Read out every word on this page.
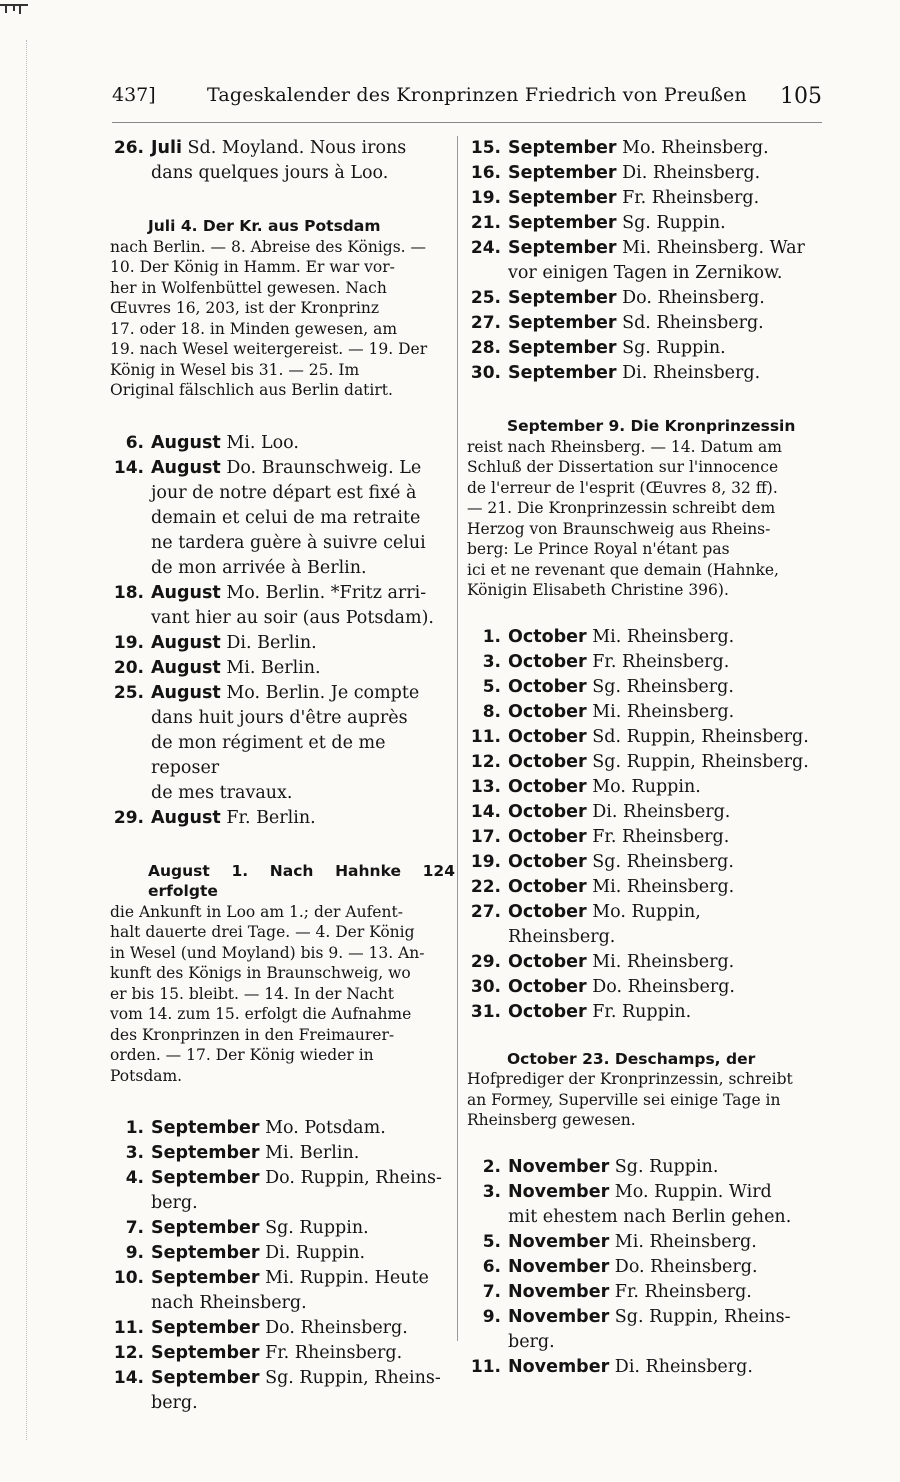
437]	Tageskalender des Kronprinzen Friedrich von Preußen 105
26. Juli Sd. Moyland. Nous irons
dans quelques jours à Loo.
Juli 4. Der Kr. aus Potsdam
nach Berlin. — 8. Abreise des Königs. —
10. Der König in Hamm. Er war vor-
her in Wolfenbüttel gewesen. Nach
Œuvres 16, 203, ist der Kronprinz
17. oder 18. in Minden gewesen, am
19. nach Wesel weitergereist. — 19. Der
König in Wesel bis 31. — 25. Im
Original fälschlich aus Berlin datirt.
6. August Mi. Loo.
14. August Do. Braunschweig. Le
jour de notre départ est fixé à
demain et celui de ma retraite
ne tardera guère à suivre celui
de mon arrivée à Berlin.
18. August Mo. Berlin. *Fritz arri-
vant hier au soir (aus Potsdam).
19. August Di. Berlin.
20. August Mi. Berlin.
25. August Mo. Berlin. Je compte
dans huit jours d'être auprès
de mon régiment et de me reposer
de mes travaux.
29. August Fr. Berlin.
August 1. Nach Hahnke 124 erfolgte
die Ankunft in Loo am 1.; der Aufent-
halt dauerte drei Tage. — 4. Der König
in Wesel (und Moyland) bis 9. — 13. An-
kunft des Königs in Braunschweig, wo
er bis 15. bleibt. — 14. In der Nacht
vom 14. zum 15. erfolgt die Aufnahme
des Kronprinzen in den Freimaurer-
orden. — 17. Der König wieder in
Potsdam.
1. September Mo. Potsdam.
3. September Mi. Berlin.
4. September Do. Ruppin, Rheins-
berg.
7. September Sg. Ruppin.
9. September Di. Ruppin.
10. September Mi. Ruppin. Heute
nach Rheinsberg.
11. September Do. Rheinsberg.
12. September Fr. Rheinsberg.
14. September Sg. Ruppin, Rheins-
berg.
15. September Mo. Rheinsberg.
16. September Di. Rheinsberg.
19. September Fr. Rheinsberg.
21. September Sg. Ruppin.
24. September Mi. Rheinsberg. War
vor einigen Tagen in Zernikow.
25. September Do. Rheinsberg.
27. September Sd. Rheinsberg.
28. September Sg. Ruppin.
30. September Di. Rheinsberg.
September 9. Die Kronprinzessin
reist nach Rheinsberg. — 14. Datum am
Schluß der Dissertation sur l'innocence
de l'erreur de l'esprit (Œuvres 8, 32 ff).
— 21. Die Kronprinzessin schreibt dem
Herzog von Braunschweig aus Rheins-
berg: Le Prince Royal n'étant pas
ici et ne revenant que demain (Hahnke,
Königin Elisabeth Christine 396).
1. October Mi. Rheinsberg.
3. October Fr. Rheinsberg.
5. October Sg. Rheinsberg.
8. October Mi. Rheinsberg.
11. October Sd. Ruppin, Rheinsberg.
12. October Sg. Ruppin, Rheinsberg.
13. October Mo. Ruppin.
14. October Di. Rheinsberg.
17. October Fr. Rheinsberg.
19. October Sg. Rheinsberg.
22. October Mi. Rheinsberg.
27. October Mo. Ruppin, Rheinsberg.
29. October Mi. Rheinsberg.
30. October Do. Rheinsberg.
31. October Fr. Ruppin.
October 23. Deschamps, der
Hofprediger der Kronprinzessin, schreibt
an Formey, Superville sei einige Tage in
Rheinsberg gewesen.
2. November Sg. Ruppin.
3. November Mo. Ruppin. Wird
mit ehestem nach Berlin gehen.
5. November Mi. Rheinsberg.
6. November Do. Rheinsberg.
7. November Fr. Rheinsberg.
9. November Sg. Ruppin, Rheins-
berg.
11. November Di. Rheinsberg.
